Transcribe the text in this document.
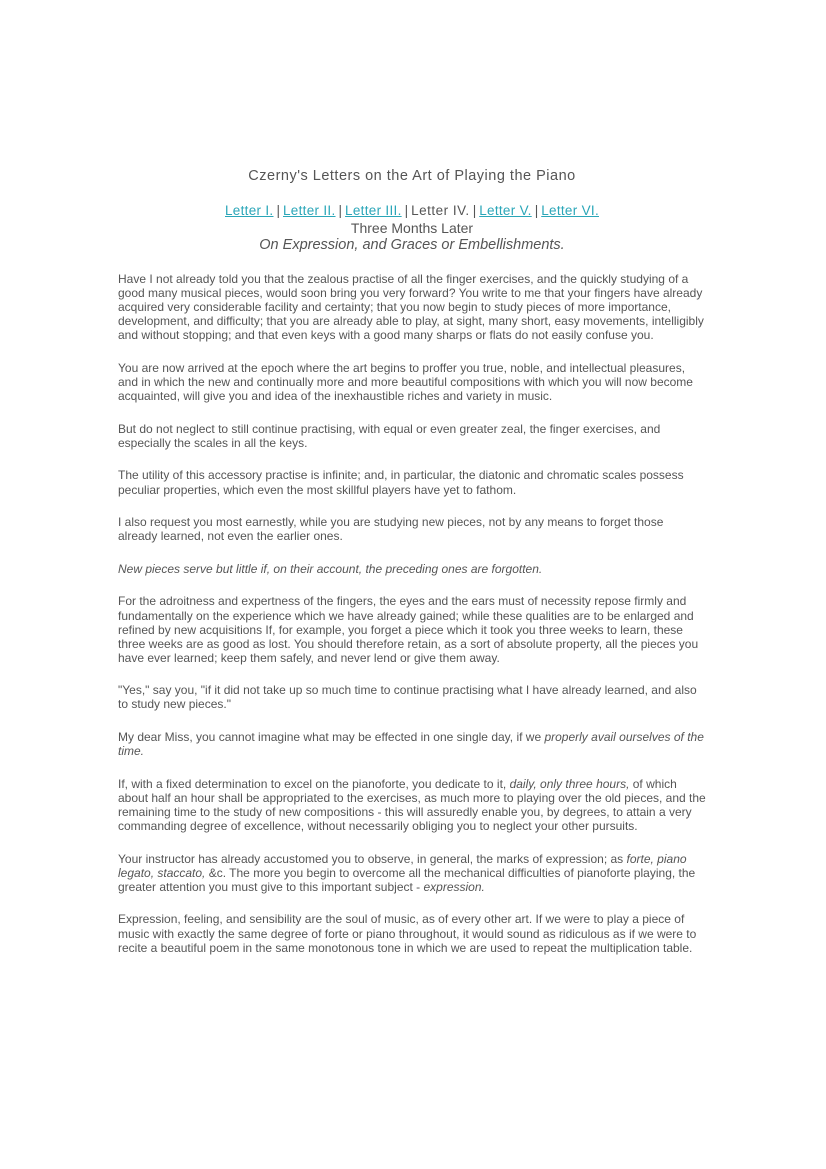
Czerny's Letters on the Art of Playing the Piano
Letter I. | Letter II. | Letter III. | Letter IV. | Letter V. | Letter VI.
Three Months Later
On Expression, and Graces or Embellishments.

Have I not already told you that the zealous practise of all the finger exercises, and the quickly studying of a good many musical pieces, would soon bring you very forward? You write to me that your fingers have already acquired very considerable facility and certainty; that you now begin to study pieces of more importance, development, and difficulty; that you are already able to play, at sight, many short, easy movements, intelligibly and without stopping; and that even keys with a good many sharps or flats do not easily confuse you.

You are now arrived at the epoch where the art begins to proffer you true, noble, and intellectual pleasures, and in which the new and continually more and more beautiful compositions with which you will now become acquainted, will give you and idea of the inexhaustible riches and variety in music.

But do not neglect to still continue practising, with equal or even greater zeal, the finger exercises, and especially the scales in all the keys.

The utility of this accessory practise is infinite; and, in particular, the diatonic and chromatic scales possess peculiar properties, which even the most skillful players have yet to fathom.

I also request you most earnestly, while you are studying new pieces, not by any means to forget those already learned, not even the earlier ones.

New pieces serve but little if, on their account, the preceding ones are forgotten.

For the adroitness and expertness of the fingers, the eyes and the ears must of necessity repose firmly and fundamentally on the experience which we have already gained; while these qualities are to be enlarged and refined by new acquisitions If, for example, you forget a piece which it took you three weeks to learn, these three weeks are as good as lost. You should therefore retain, as a sort of absolute property, all the pieces you have ever learned; keep them safely, and never lend or give them away.

"Yes," say you, "if it did not take up so much time to continue practising what I have already learned, and also to study new pieces."

My dear Miss, you cannot imagine what may be effected in one single day, if we properly avail ourselves of the time.

If, with a fixed determination to excel on the pianoforte, you dedicate to it, daily, only three hours, of which about half an hour shall be appropriated to the exercises, as much more to playing over the old pieces, and the remaining time to the study of new compositions - this will assuredly enable you, by degrees, to attain a very commanding degree of excellence, without necessarily obliging you to neglect your other pursuits.

Your instructor has already accustomed you to observe, in general, the marks of expression; as forte, piano legato, staccato, &c. The more you begin to overcome all the mechanical difficulties of pianoforte playing, the greater attention you must give to this important subject - expression.

Expression, feeling, and sensibility are the soul of music, as of every other art. If we were to play a piece of music with exactly the same degree of forte or piano throughout, it would sound as ridiculous as if we were to recite a beautiful poem in the same monotonous tone in which we are used to repeat the multiplication table.
